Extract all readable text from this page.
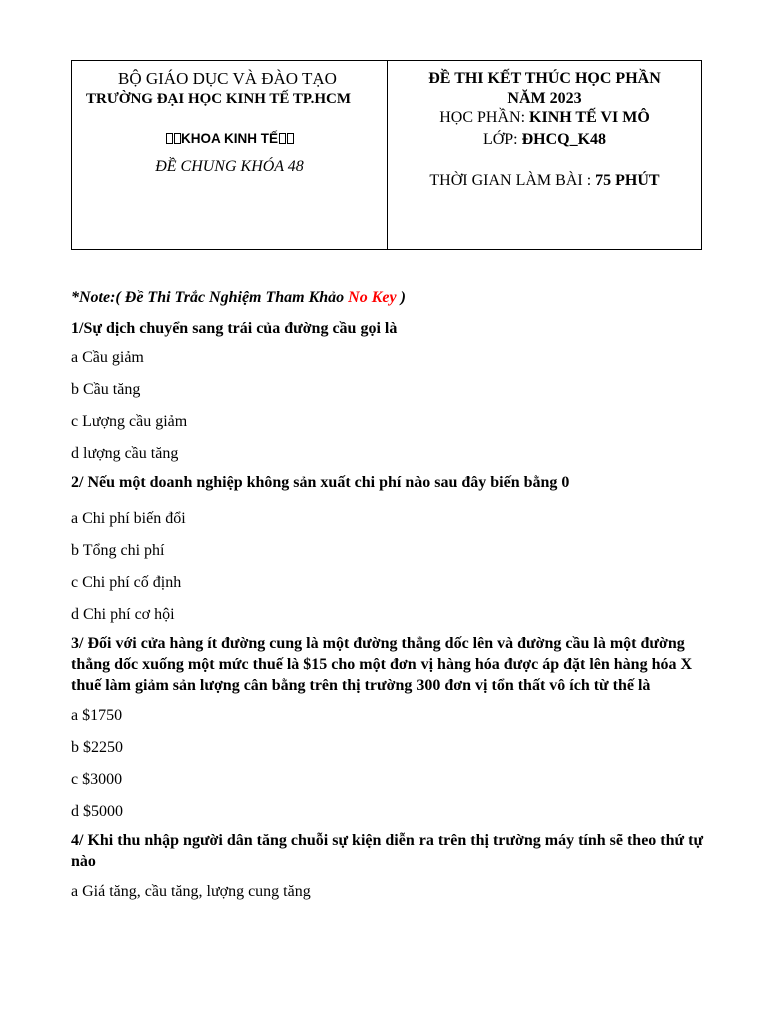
BỘ GIÁO DỤC VÀ ĐÀO TẠO
TRƯỜNG ĐẠI HỌC KINH TẾ TP.HCM
KHOA KINH TẾ
ĐỀ CHUNG KHÓA 48
ĐỀ THI KẾT THÚC HỌC PHẦN NĂM 2023
HỌC PHẦN: KINH TẾ VI MÔ
LỚP: ĐHCQ_K48
THỜI GIAN LÀM BÀI : 75 PHÚT

*Note:( Đề Thi Trắc Nghiệm Tham Khảo No Key )

1/Sự dịch chuyển sang trái của đường cầu gọi là

a Cầu giảm

b Cầu tăng

c Lượng cầu giảm

d lượng cầu tăng

2/ Nếu một doanh nghiệp không sản xuất chi phí nào sau đây biến bằng 0

a Chi phí biến đổi

b Tổng chi phí

c Chi phí cố định

d Chi phí cơ hội

3/ Đối với cửa hàng ít đường cung là một đường thẳng dốc lên và đường cầu là một đường thẳng dốc xuống một mức thuế là $15 cho một đơn vị hàng hóa được áp đặt lên hàng hóa X thuế làm giảm sản lượng cân bằng trên thị trường 300 đơn vị tổn thất vô ích từ thế là

a $1750

b $2250

c $3000

d $5000

4/ Khi thu nhập người dân tăng chuỗi sự kiện diễn ra trên thị trường máy tính sẽ theo thứ tự nào

a Giá tăng, cầu tăng, lượng cung tăng
